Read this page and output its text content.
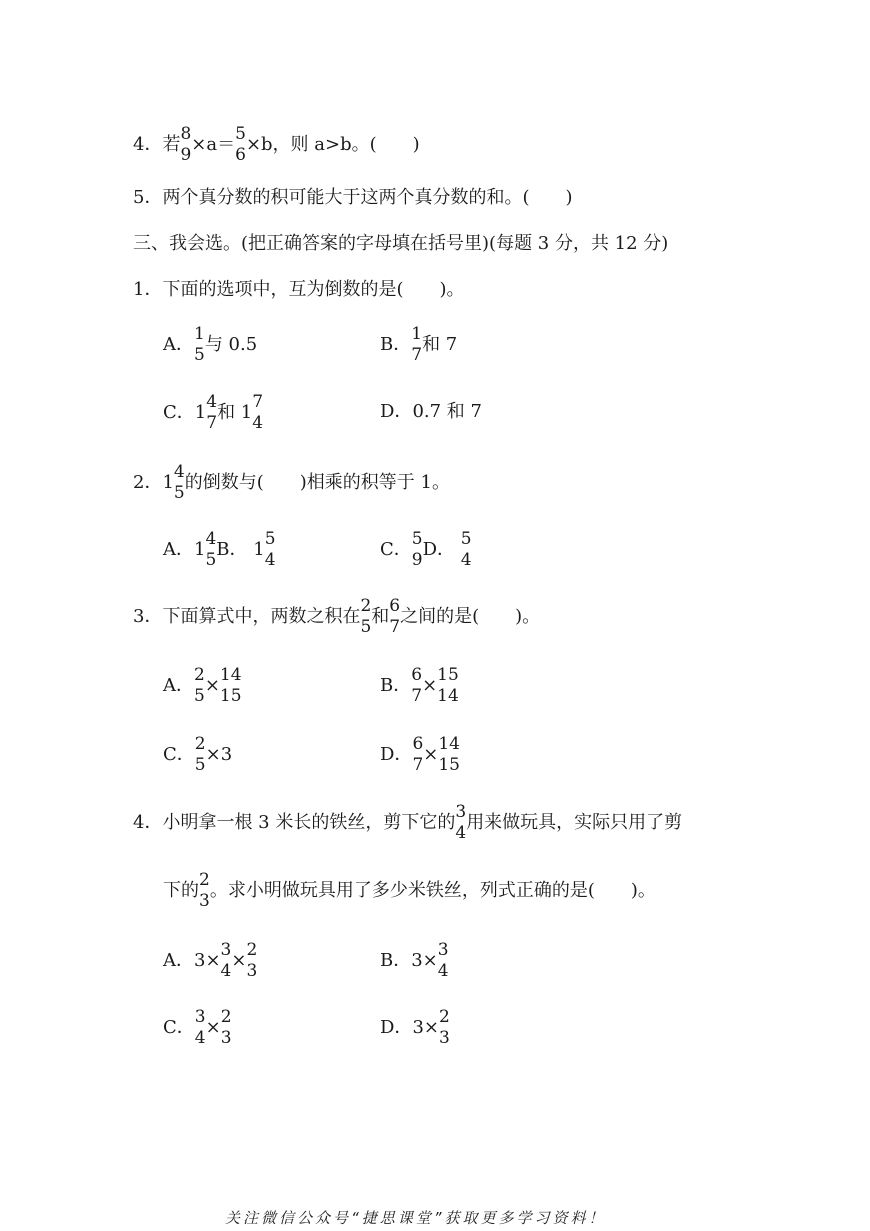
4．若 8
9 ×a＝ 5
6 ×b，则 a>b。(　　)
5．两个真分数的积可能大于这两个真分数的和。(　　)
三、我会选。(把正确答案的字母填在括号里)(每题 3 分，共 12 分)
1．下面的选项中，互为倒数的是(　　)。
A． 1
5 与 0.5	B． 1
7 和 7
C．1 4
7 和 1 7
4
D．0.7 和 7
2．1 4
5 的倒数与(　　)相乘的积等于 1。
A．1 4
5 B． 1 5
4	C． 5
9 D． 5
4
3．下面算式中，两数之积在 2
5 和 6
7 之间的是(　　)。
A． 2
5 × 14
15	B． 6
7 × 15
14
C． 2
5 ×3	D． 6
7 × 14
15
4．小明拿一根 3 米长的铁丝，剪下它的 3
4 用来做玩具，实际只用了剪
下的 2
3 。求小明做玩具用了多少米铁丝，列式正确的是(　　)。
A．3× 3
4 × 2
3	B．3× 3
4
C． 3
4 × 2
3	D．3× 2
3
关注微信公众号“捷思课堂”获取更多学习资料！
